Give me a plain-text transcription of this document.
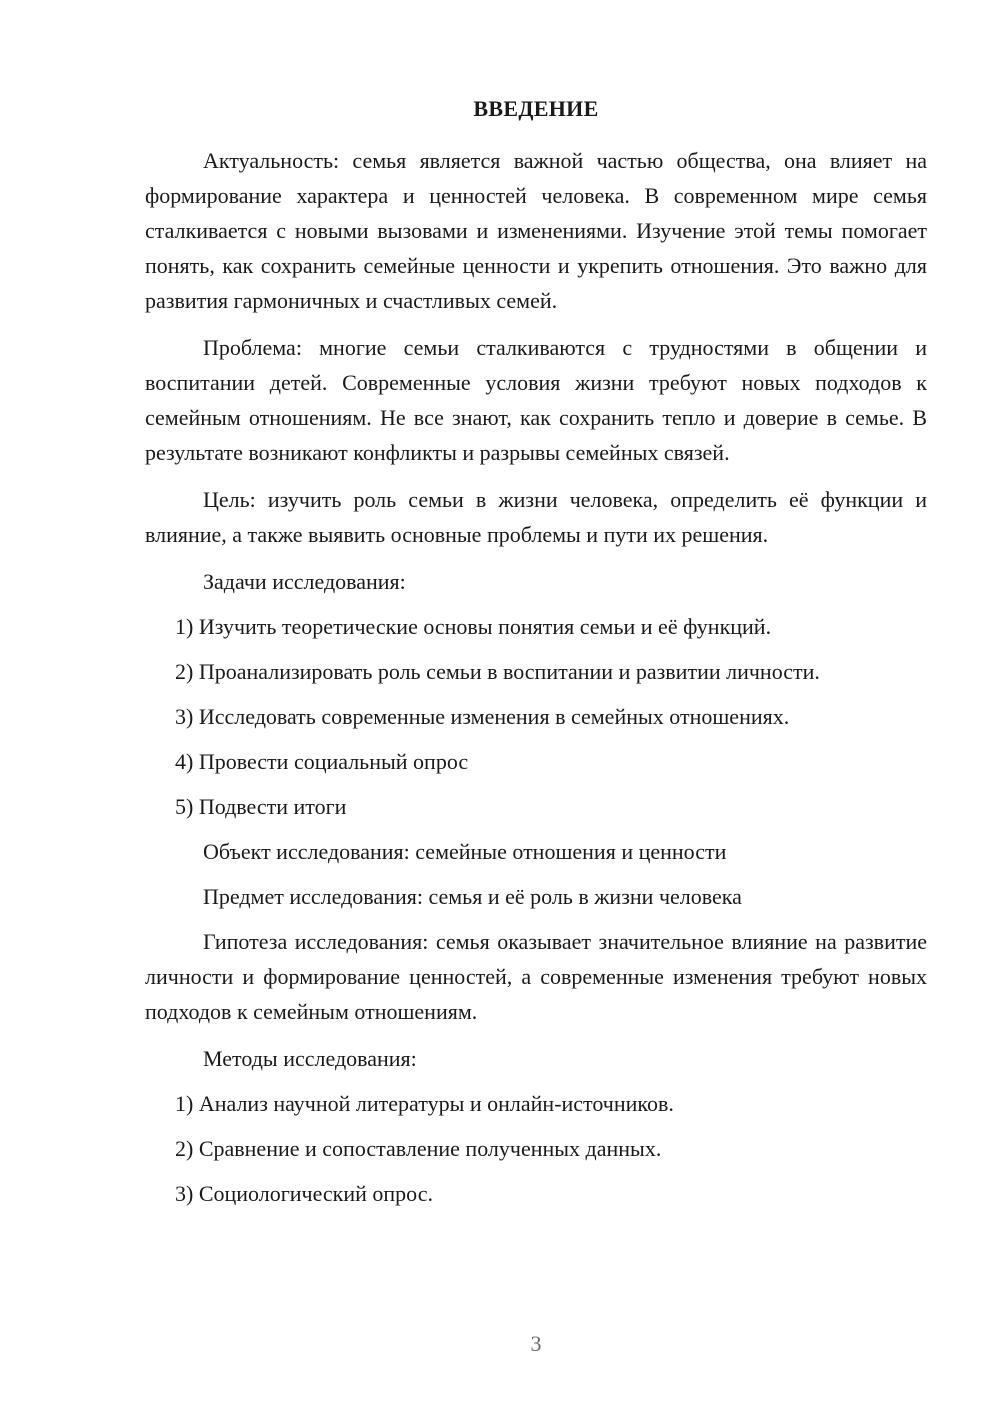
ВВЕДЕНИЕ

Актуальность: семья является важной частью общества, она влияет на формирование характера и ценностей человека. В современном мире семья сталкивается с новыми вызовами и изменениями. Изучение этой темы помогает понять, как сохранить семейные ценности и укрепить отношения. Это важно для развития гармоничных и счастливых семей.

Проблема: многие семьи сталкиваются с трудностями в общении и воспитании детей. Современные условия жизни требуют новых подходов к семейным отношениям. Не все знают, как сохранить тепло и доверие в семье. В результате возникают конфликты и разрывы семейных связей.

Цель: изучить роль семьи в жизни человека, определить её функции и влияние, а также выявить основные проблемы и пути их решения.

Задачи исследования:
1) Изучить теоретические основы понятия семьи и её функций.
2) Проанализировать роль семьи в воспитании и развитии личности.
3) Исследовать современные изменения в семейных отношениях.
4) Провести социальный опрос
5) Подвести итоги
Объект исследования: семейные отношения и ценности
Предмет исследования: семья и её роль в жизни человека

Гипотеза исследования: семья оказывает значительное влияние на развитие личности и формирование ценностей, а современные изменения требуют новых подходов к семейным отношениям.

Методы исследования:
1) Анализ научной литературы и онлайн-источников.
2) Сравнение и сопоставление полученных данных.
3) Социологический опрос.
3
